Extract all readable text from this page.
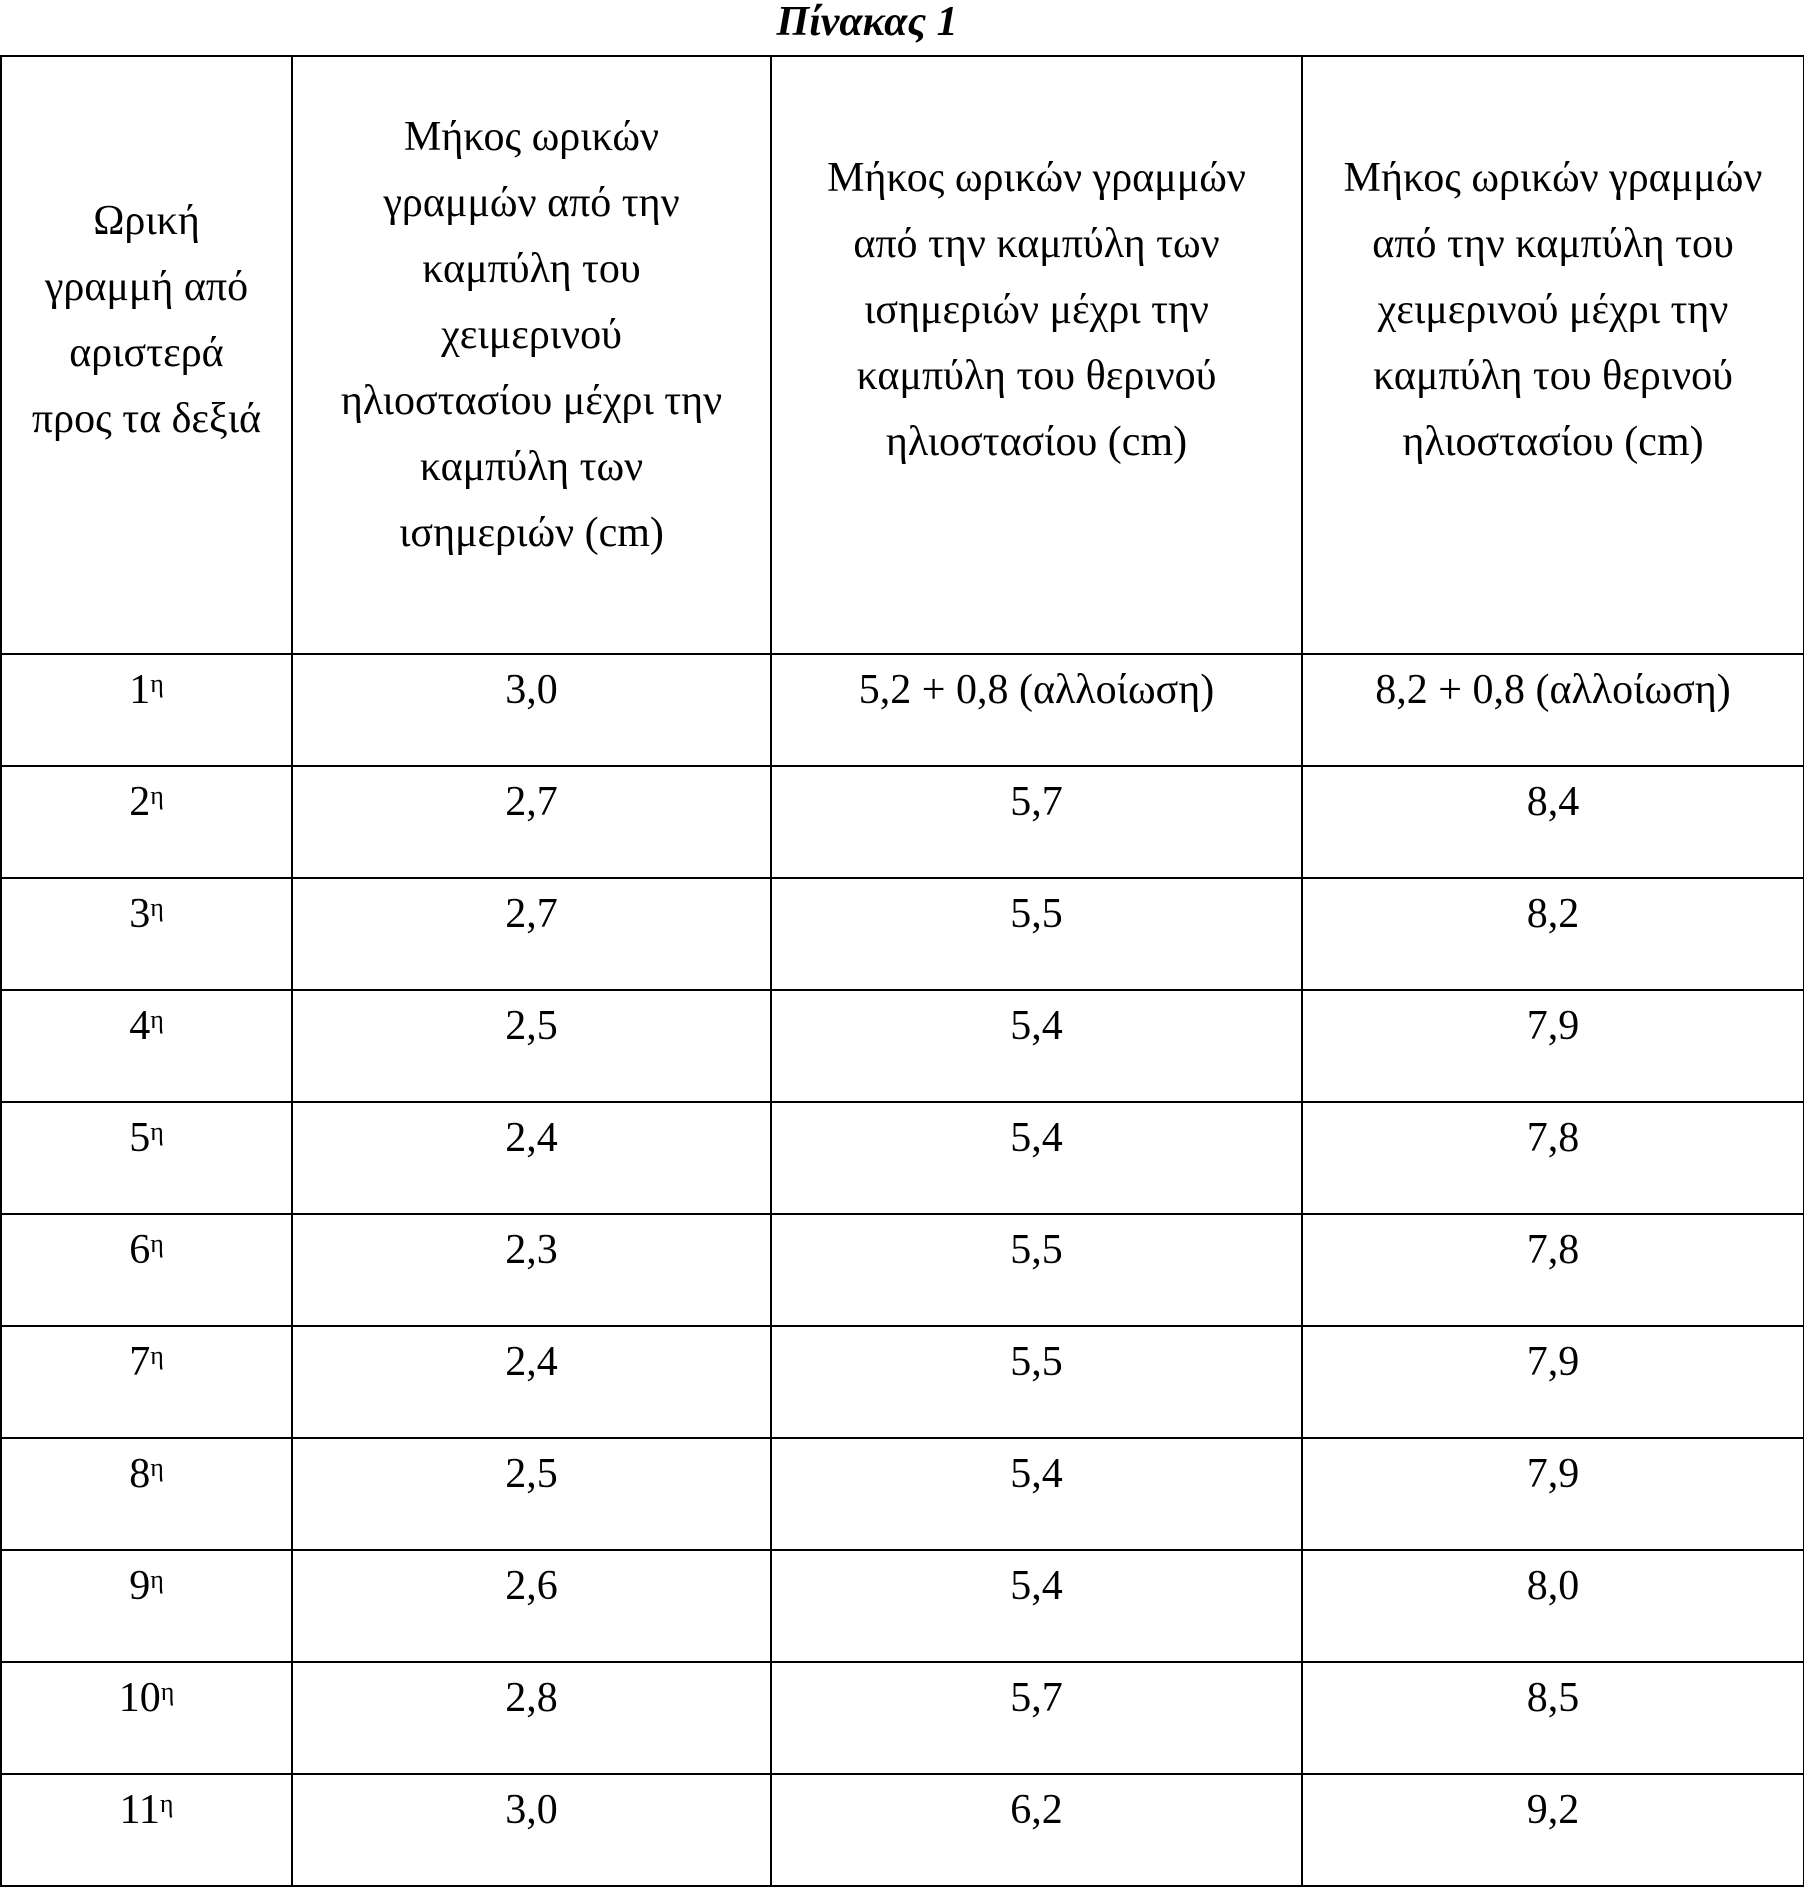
Πίνακας 1
Ωρική γραμμή από αριστερά προς τα δεξιά	Μήκος ωρικών γραμμών από την καμπύλη του χειμερινού ηλιοστασίου μέχρι την καμπύλη των ισημεριών (cm)	Μήκος ωρικών γραμμών από την καμπύλη των ισημεριών μέχρι την καμπύλη του θερινού ηλιοστασίου (cm)	Μήκος ωρικών γραμμών από την καμπύλη του χειμερινού μέχρι την καμπύλη του θερινού ηλιοστασίου (cm)

$1^\eta$	3,0	5,2 + 0,8 (αλλοίωση)	8,2 + 0,8 (αλλοίωση)
$2^\eta$	2,7	5,7	8,4
$3^\eta$	2,7	5,5	8,2
$4^\eta$	2,5	5,4	7,9
$5^\eta$	2,4	5,4	7,8
$6^\eta$	2,3	5,5	7,8
$7^\eta$	2,4	5,5	7,9
$8^\eta$	2,5	5,4	7,9
$9^\eta$	2,6	5,4	8,0
$10^\eta$	2,8	5,7	8,5
$11^\eta$	3,0	6,2	9,2
